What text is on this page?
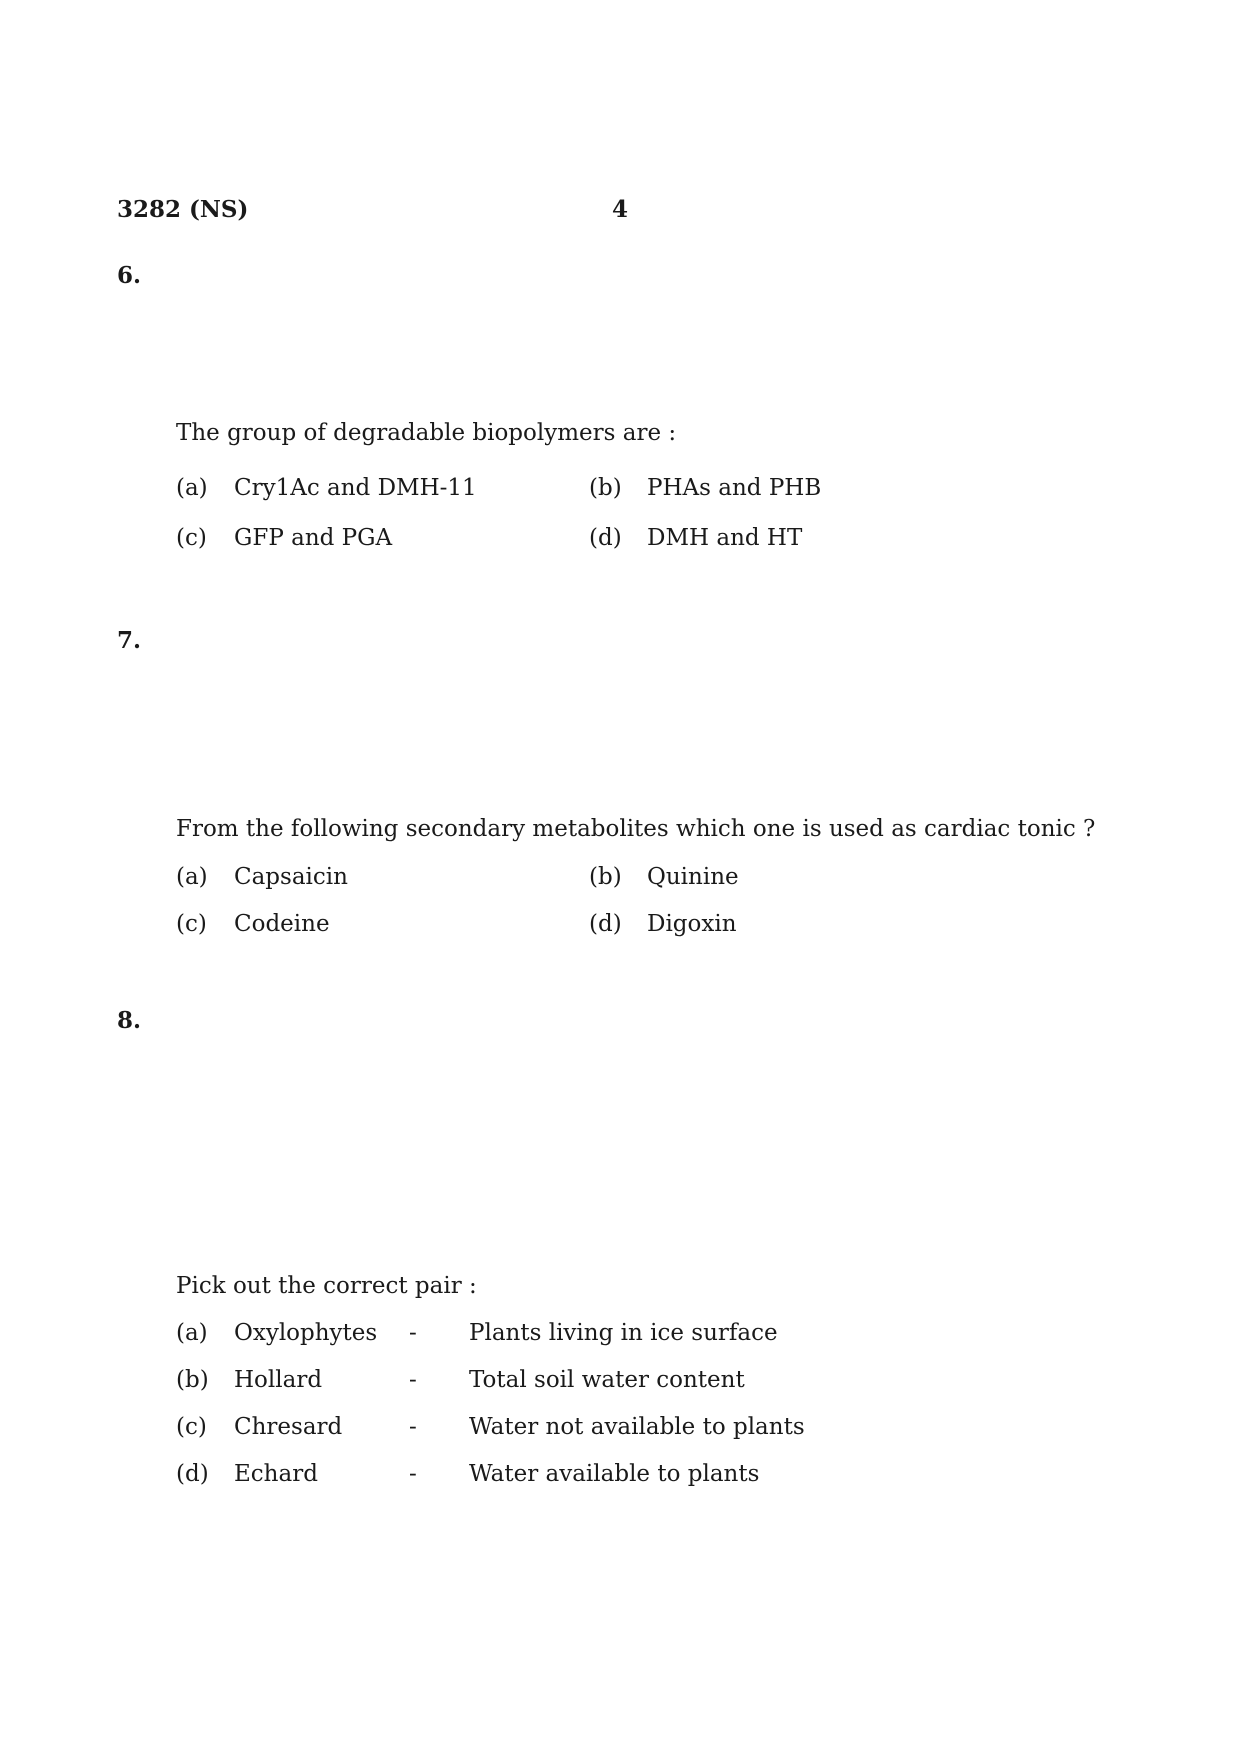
3282 (NS)	4
6.
The group of degradable biopolymers are :
(a) Cry1Ac and DMH-11	(b) PHAs and PHB
(c) GFP and PGA	(d) DMH and HT
7.
From the following secondary metabolites which one is used as cardiac tonic ?
(a) Capsaicin	(b) Quinine
(c) Codeine	(d) Digoxin
8.
Pick out the correct pair :
(a) Oxylophytes - Plants living in ice surface
(b) Hollard	- Total soil water content
(c) Chresard	- Water not available to plants
(d) Echard	- Water available to plants
